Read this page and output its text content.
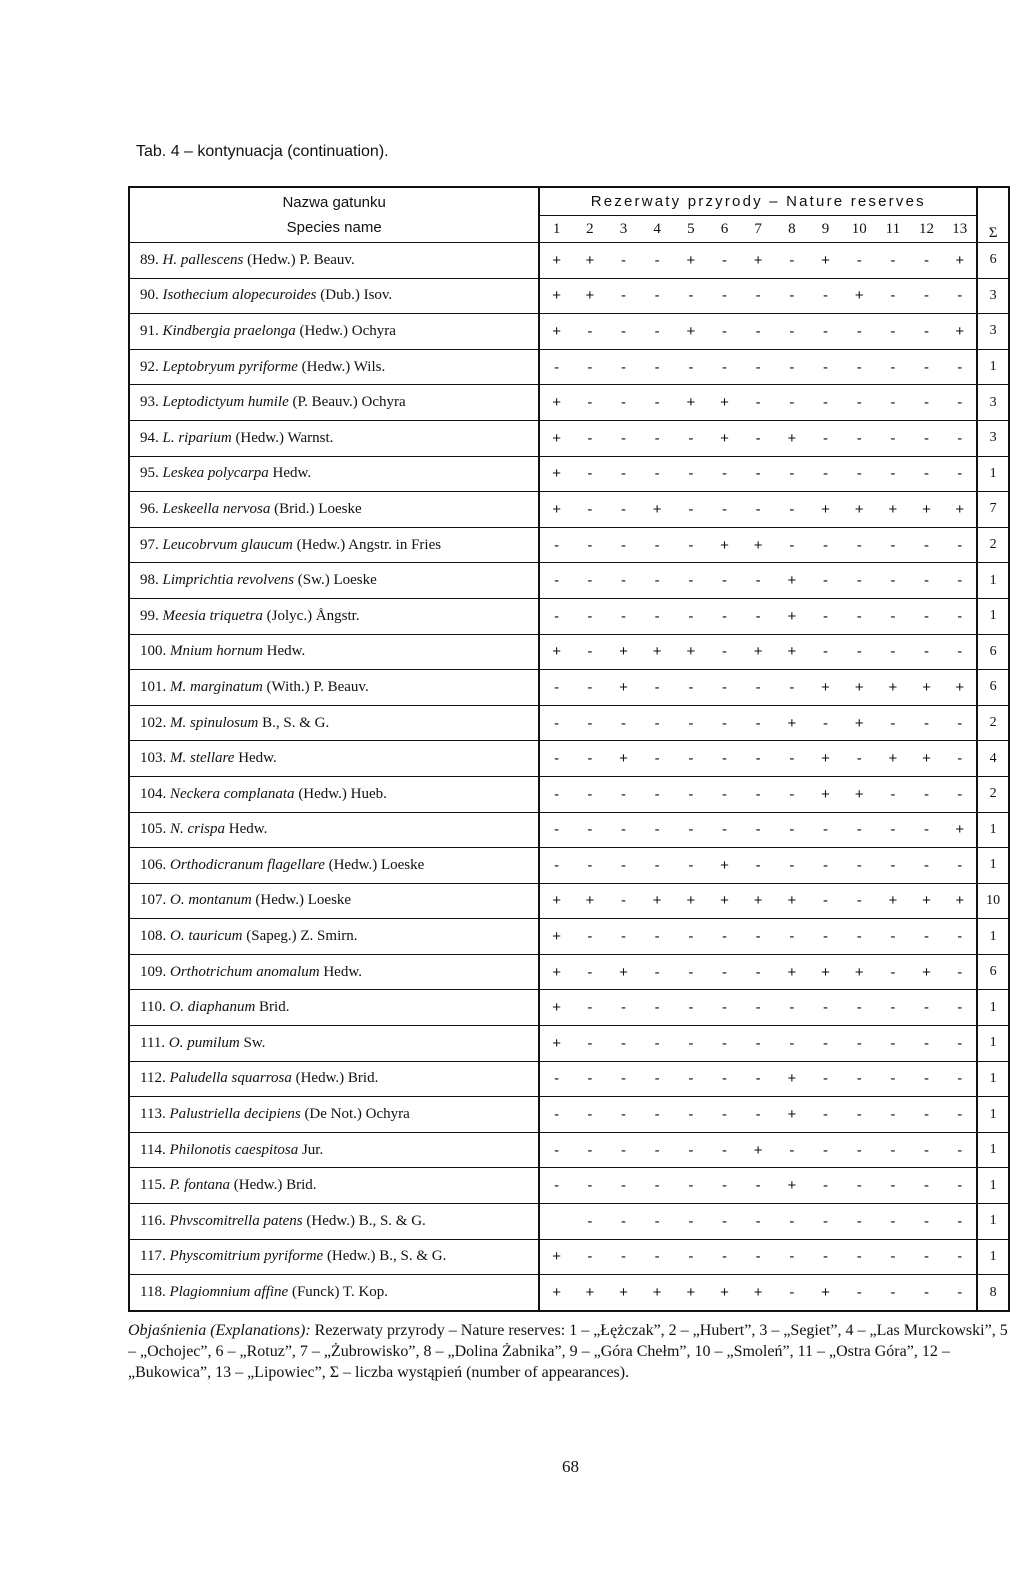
Tab. 4 – kontynuacja (continuation).
Nazwa gatunku
Species name	Rezerwaty przyrody – Nature reserves													Σ
	1	2	3	4	5	6	7	8	9	10	11	12	13	
89. H. pallescens (Hedw.) P. Beauv.	+	+	-	-	+	-	+	-	+	-	-	-	+	6
90. Isothecium alopecuroides (Dub.) Isov.	+	+	-	-	-	-	-	-	-	+	-	-	-	3
91. Kindbergia praelonga (Hedw.) Ochyra	+	-	-	-	+	-	-	-	-	-	-	-	+	3
92. Leptobryum pyriforme (Hedw.) Wils.	-	-	-	-	-	-	-	-	-	-	-	-	-	1
93. Leptodictyum humile (P. Beauv.) Ochyra	+	-	-	-	+	+	-	-	-	-	-	-	-	3
94. L. riparium (Hedw.) Warnst.	+	-	-	-	-	+	-	+	-	-	-	-	-	3
95. Leskea polycarpa Hedw.	+	-	-	-	-	-	-	-	-	-	-	-	-	1
96. Leskeella nervosa (Brid.) Loeske	+	-	-	+	-	-	-	-	+	+	+	+	+	7
97. Leucobrvum glaucum (Hedw.) Angstr. in Fries	-	-	-	-	-	+	+	-	-	-	-	-	-	2
98. Limprichtia revolvens (Sw.) Loeske	-	-	-	-	-	-	-	+	-	-	-	-	-	1
99. Meesia triquetra (Jolyc.) Ångstr.	-	-	-	-	-	-	-	+	-	-	-	-	-	1
100. Mnium hornum Hedw.	+	-	+	+	+	-	+	+	-	-	-	-	-	6
101. M. marginatum (With.) P. Beauv.	-	-	+	-	-	-	-	-	+	+	+	+	+	6
102. M. spinulosum B., S. & G.	-	-	-	-	-	-	-	+	-	+	-	-	-	2
103. M. stellare Hedw.	-	-	+	-	-	-	-	-	+	-	+	+	-	4
104. Neckera complanata (Hedw.) Hueb.	-	-	-	-	-	-	-	-	+	+	-	-	-	2
105. N. crispa Hedw.	-	-	-	-	-	-	-	-	-	-	-	-	+	1
106. Orthodicranum flagellare (Hedw.) Loeske	-	-	-	-	-	+	-	-	-	-	-	-	-	1
107. O. montanum (Hedw.) Loeske	+	+	-	+	+	+	+	+	-	-	+	+	+	10
108. O. tauricum (Sapeg.) Z. Smirn.	+	-	-	-	-	-	-	-	-	-	-	-	-	1
109. Orthotrichum anomalum Hedw.	+	-	+	-	-	-	-	+	+	+	-	+	-	6
110. O. diaphanum Brid.	+	-	-	-	-	-	-	-	-	-	-	-	-	1
111. O. pumilum Sw.	+	-	-	-	-	-	-	-	-	-	-	-	-	1
112. Paludella squarrosa (Hedw.) Brid.	-	-	-	-	-	-	-	+	-	-	-	-	-	1
113. Palustriella decipiens (De Not.) Ochyra	-	-	-	-	-	-	-	+	-	-	-	-	-	1
114. Philonotis caespitosa Jur.	-	-	-	-	-	-	+	-	-	-	-	-	-	1
115. P. fontana (Hedw.) Brid.	-	-	-	-	-	-	-	+	-	-	-	-	-	1
116. Phvscomitrella patens (Hedw.) B., S. & G.		-	-	-	-	-	-	-	-	-	-	-	-	1
117. Physcomitrium pyriforme (Hedw.) B., S. & G.	+	-	-	-	-	-	-	-	-	-	-	-	-	1
118. Plagiomnium affine (Funck) T. Kop.	+	+	+	+	+	+	+	-	+	-	-	-	-	8
Objaśnienia (Explanations): Rezerwaty przyrody – Nature reserves: 1 – „Łężczak”, 2 – „Hubert”, 3 – „Segiet”, 4 – „Las Murckowski”, 5 – „Ochojec”, 6 – „Rotuz”, 7 – „Żubrowisko”, 8 – „Dolina Żabnika”, 9 – „Góra Chełm”, 10 – „Smoleń”, 11 – „Ostra Góra”, 12 – „Bukowica”, 13 – „Lipowiec”, Σ – liczba wystąpień (number of appearances).
68
